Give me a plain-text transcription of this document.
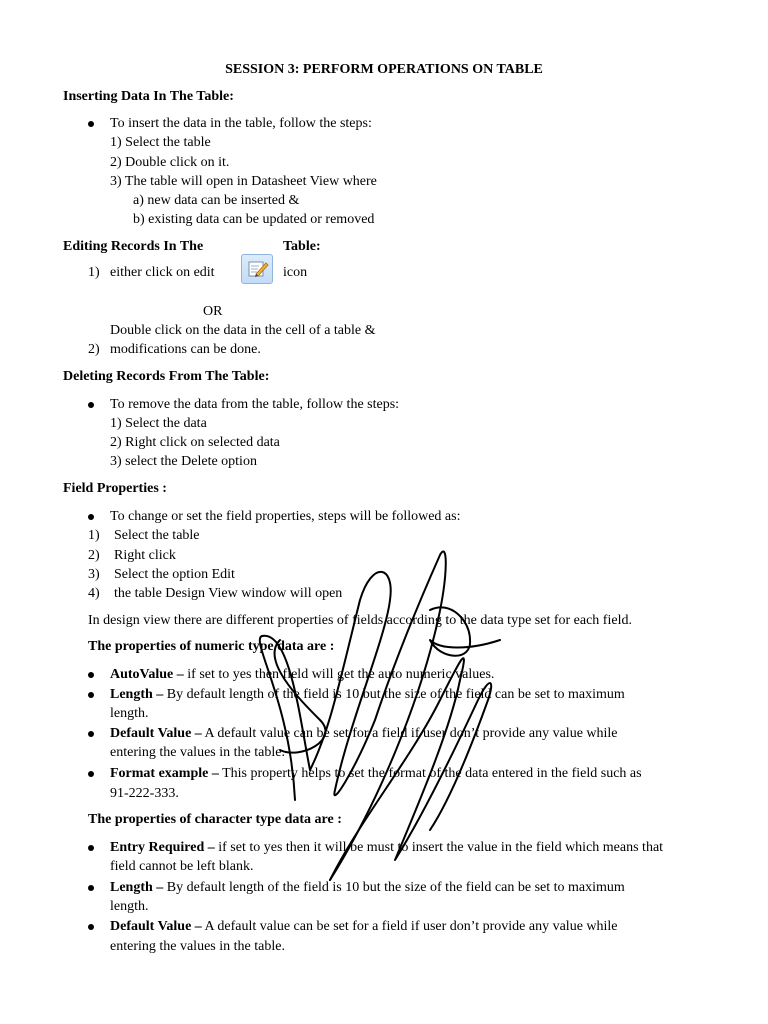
SESSION 3: PERFORM OPERATIONS ON TABLE
Inserting Data In The Table:
To insert the data in the table, follow the steps:
1) Select the table
2) Double click on it.
3) The table will open in Datasheet View where
a) new data can be inserted &
b) existing data can be updated or removed
Editing Records In The	Table:
1) either click on edit	icon
OR
Double click on the data in the cell of a table &
2) modifications can be done.
Deleting Records From The Table:
To remove the data from the table, follow the steps:
1) Select the data
2) Right click on selected data
3) select the Delete option
Field Properties :
To change or set the field properties, steps will be followed as:
1) Select the table
2) Right click
3) Select the option Edit
4) the table Design View window will open
In design view there are different properties of fields according to the data type set for each field.
The properties of numeric type data are :
AutoValue – if set to yes then field will get the auto numeric values.
Length – By default length of the field is 10 but the size of the field can be set to maximum
length.
Default Value – A default value can be set for a field if user don’t provide any value while
entering the values in the table.
Format example – This property helps to set the format of the data entered in the field such as
91-222-333.
The properties of character type data are :
Entry Required – if set to yes then it will be must to insert the value in the field which means that
field cannot be left blank.
Length – By default length of the field is 10 but the size of the field can be set to maximum
length.
Default Value – A default value can be set for a field if user don’t provide any value while
entering the values in the table.
